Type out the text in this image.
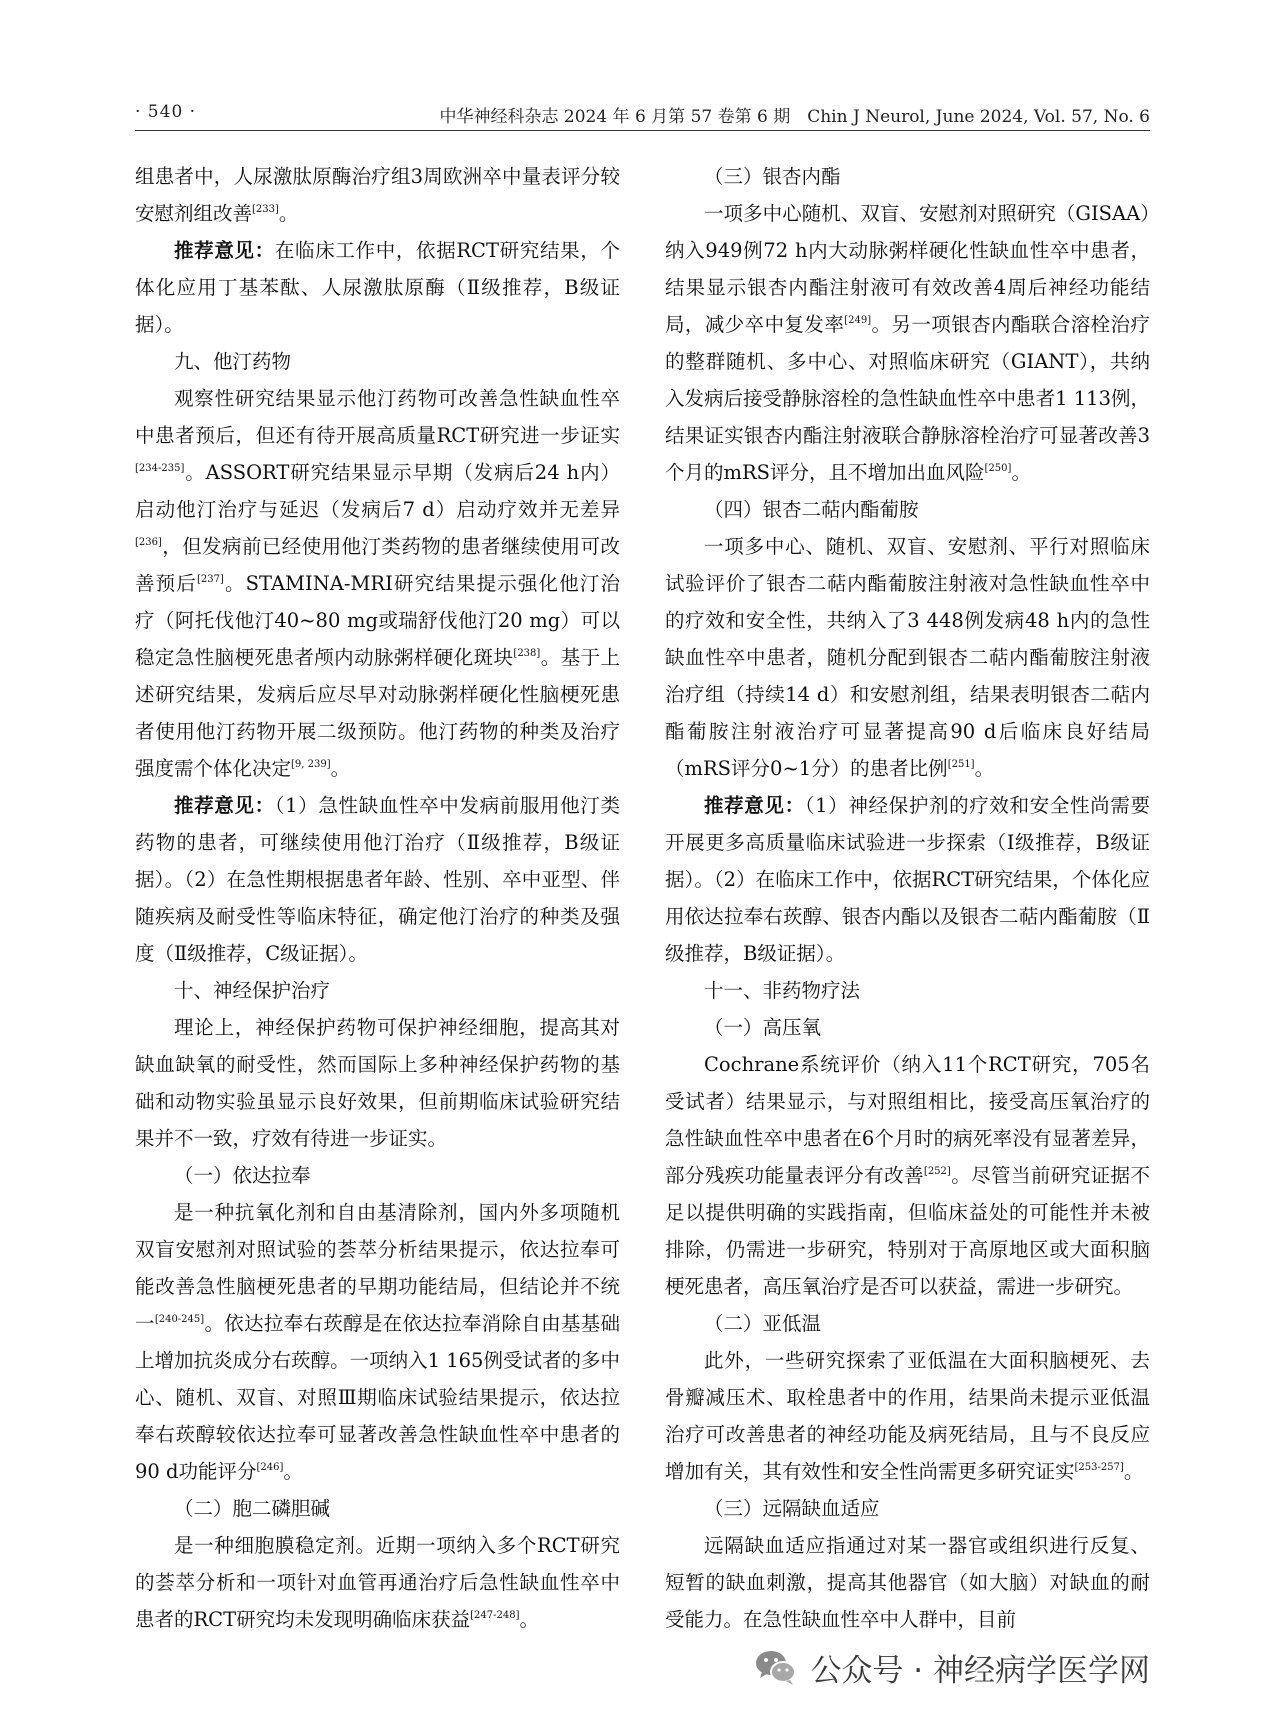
· 540 ·	中华神经科杂志 2024 年 6 月第 57 卷第 6 期　Chin J Neurol, June 2024, Vol. 57, No. 6

组患者中，人尿激肽原酶治疗组3周欧洲卒中量表评分较安慰剂组改善[233]。

推荐意见：在临床工作中，依据RCT研究结果，个体化应用丁基苯酞、人尿激肽原酶（Ⅱ级推荐，B级证据）。

九、他汀药物

观察性研究结果显示他汀药物可改善急性缺血性卒中患者预后，但还有待开展高质量RCT研究进一步证实[234-235]。ASSORT研究结果显示早期（发病后24 h内）启动他汀治疗与延迟（发病后7 d）启动疗效并无差异[236]，但发病前已经使用他汀类药物的患者继续使用可改善预后[237]。STAMINA-MRI研究结果提示强化他汀治疗（阿托伐他汀40~80 mg或瑞舒伐他汀20 mg）可以稳定急性脑梗死患者颅内动脉粥样硬化斑块[238]。基于上述研究结果，发病后应尽早对动脉粥样硬化性脑梗死患者使用他汀药物开展二级预防。他汀药物的种类及治疗强度需个体化决定[9, 239]。

推荐意见：（1）急性缺血性卒中发病前服用他汀类药物的患者，可继续使用他汀治疗（Ⅱ级推荐，B级证据）。（2）在急性期根据患者年龄、性别、卒中亚型、伴随疾病及耐受性等临床特征，确定他汀治疗的种类及强度（Ⅱ级推荐，C级证据）。

十、神经保护治疗

理论上，神经保护药物可保护神经细胞，提高其对缺血缺氧的耐受性，然而国际上多种神经保护药物的基础和动物实验虽显示良好效果，但前期临床试验研究结果并不一致，疗效有待进一步证实。

（一）依达拉奉

是一种抗氧化剂和自由基清除剂，国内外多项随机双盲安慰剂对照试验的荟萃分析结果提示，依达拉奉可能改善急性脑梗死患者的早期功能结局，但结论并不统一[240-245]。依达拉奉右莰醇是在依达拉奉消除自由基基础上增加抗炎成分右莰醇。一项纳入1 165例受试者的多中心、随机、双盲、对照Ⅲ期临床试验结果提示，依达拉奉右莰醇较依达拉奉可显著改善急性缺血性卒中患者的90 d功能评分[246]。

（二）胞二磷胆碱

是一种细胞膜稳定剂。近期一项纳入多个RCT研究的荟萃分析和一项针对血管再通治疗后急性缺血性卒中患者的RCT研究均未发现明确临床获益[247-248]。

（三）银杏内酯

一项多中心随机、双盲、安慰剂对照研究（GISAA）纳入949例72 h内大动脉粥样硬化性缺血性卒中患者，结果显示银杏内酯注射液可有效改善4周后神经功能结局，减少卒中复发率[249]。另一项银杏内酯联合溶栓治疗的整群随机、多中心、对照临床研究（GIANT），共纳入发病后接受静脉溶栓的急性缺血性卒中患者1 113例，结果证实银杏内酯注射液联合静脉溶栓治疗可显著改善3个月的mRS评分，且不增加出血风险[250]。

（四）银杏二萜内酯葡胺

一项多中心、随机、双盲、安慰剂、平行对照临床试验评价了银杏二萜内酯葡胺注射液对急性缺血性卒中的疗效和安全性，共纳入了3 448例发病48 h内的急性缺血性卒中患者，随机分配到银杏二萜内酯葡胺注射液治疗组（持续14 d）和安慰剂组，结果表明银杏二萜内酯葡胺注射液治疗可显著提高90 d后临床良好结局（mRS评分0~1分）的患者比例[251]。

推荐意见：（1）神经保护剂的疗效和安全性尚需要开展更多高质量临床试验进一步探索（Ⅰ级推荐，B级证据）。（2）在临床工作中，依据RCT研究结果，个体化应用依达拉奉右莰醇、银杏内酯以及银杏二萜内酯葡胺（Ⅱ级推荐，B级证据）。

十一、非药物疗法

（一）高压氧

Cochrane系统评价（纳入11个RCT研究，705名受试者）结果显示，与对照组相比，接受高压氧治疗的急性缺血性卒中患者在6个月时的病死率没有显著差异，部分残疾功能量表评分有改善[252]。尽管当前研究证据不足以提供明确的实践指南，但临床益处的可能性并未被排除，仍需进一步研究，特别对于高原地区或大面积脑梗死患者，高压氧治疗是否可以获益，需进一步研究。

（二）亚低温

此外，一些研究探索了亚低温在大面积脑梗死、去骨瓣减压术、取栓患者中的作用，结果尚未提示亚低温治疗可改善患者的神经功能及病死结局，且与不良反应增加有关，其有效性和安全性尚需更多研究证实[253-257]。

（三）远隔缺血适应

远隔缺血适应指通过对某一器官或组织进行反复、短暂的缺血刺激，提高其他器官（如大脑）对缺血的耐受能力。在急性缺血性卒中人群中，目前

公众号 · 神经病学医学网
